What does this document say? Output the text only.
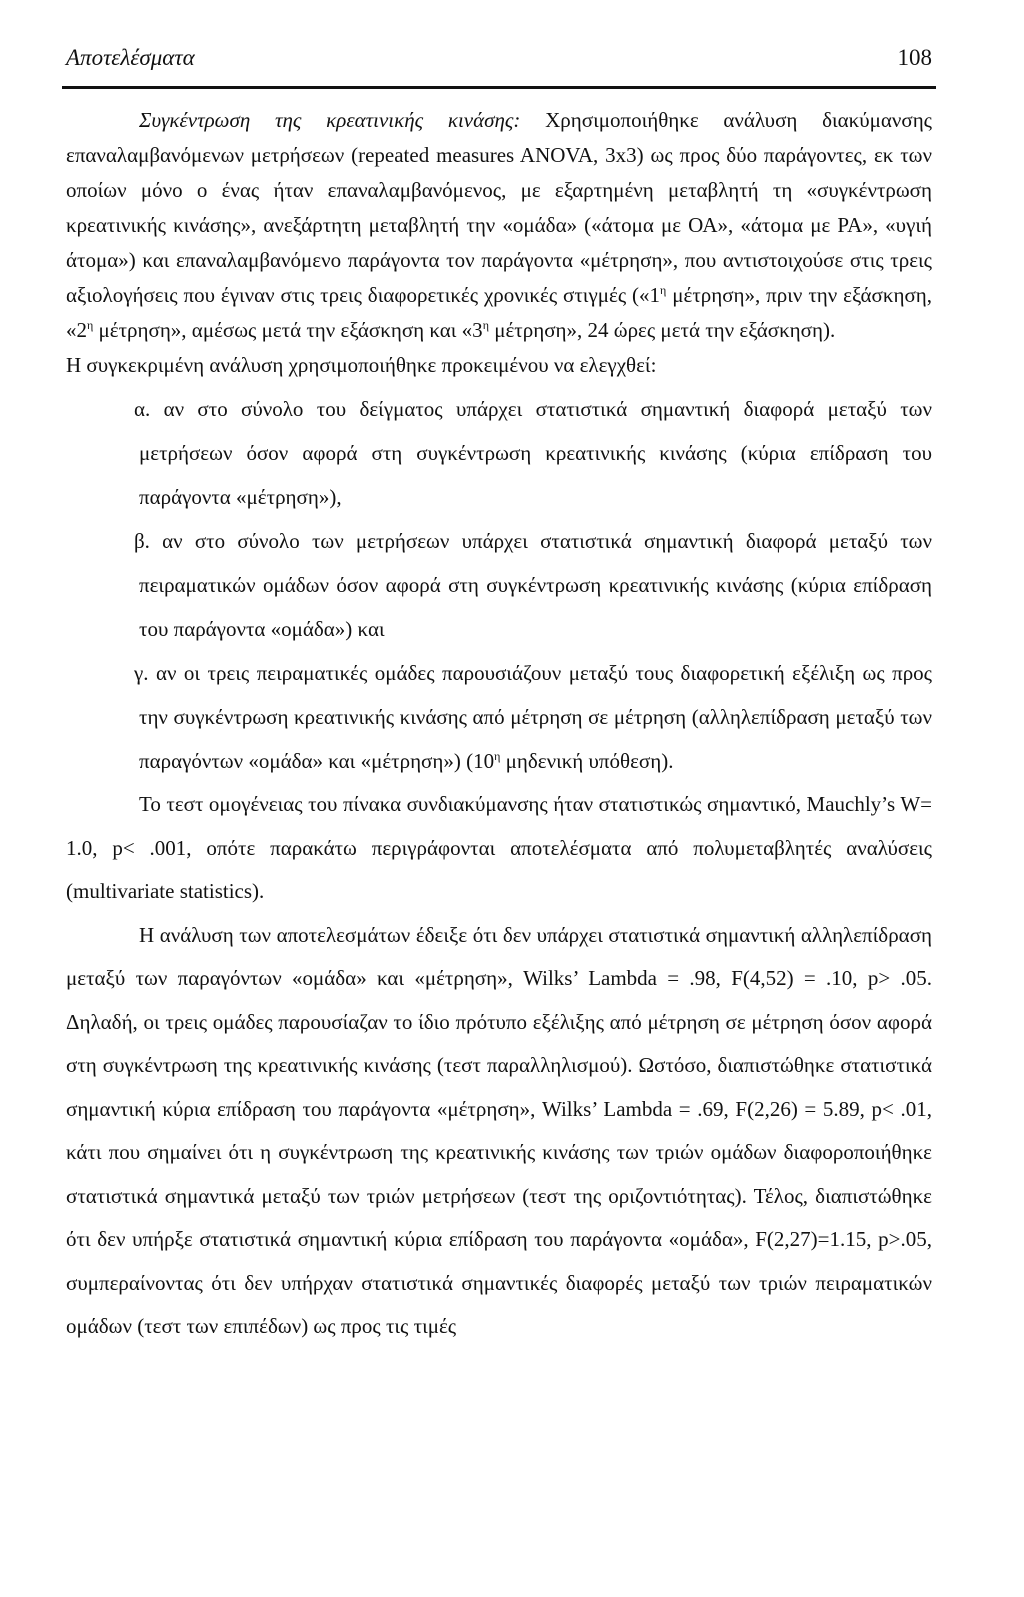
Αποτελέσματα	108

Συγκέντρωση της κρεατινικής κινάσης: Χρησιμοποιήθηκε ανάλυση διακύμανσης επαναλαμβανόμενων μετρήσεων (repeated measures ANOVA, 3x3) ως προς δύο παράγοντες, εκ των οποίων μόνο ο ένας ήταν επαναλαμβανόμενος, με εξαρτημένη μεταβλητή τη «συγκέντρωση κρεατινικής κινάσης», ανεξάρτητη μεταβλητή την «ομάδα» («άτομα με ΟΑ», «άτομα με ΡΑ», «υγιή άτομα») και επαναλαμβανόμενο παράγοντα τον παράγοντα «μέτρηση», που αντιστοιχούσε στις τρεις αξιολογήσεις που έγιναν στις τρεις διαφορετικές χρονικές στιγμές («$1^\eta$ μέτρηση», πριν την εξάσκηση, «$2^\eta$ μέτρηση», αμέσως μετά την εξάσκηση και «$3^\eta$ μέτρηση», 24 ώρες μετά την εξάσκηση).

Η συγκεκριμένη ανάλυση χρησιμοποιήθηκε προκειμένου να ελεγχθεί:

α. αν στο σύνολο του δείγματος υπάρχει στατιστικά σημαντική διαφορά μεταξύ των μετρήσεων όσον αφορά στη συγκέντρωση κρεατινικής κινάσης (κύρια επίδραση του παράγοντα «μέτρηση»),

β. αν στο σύνολο των μετρήσεων υπάρχει στατιστικά σημαντική διαφορά μεταξύ των πειραματικών ομάδων όσον αφορά στη συγκέντρωση κρεατινικής κινάσης (κύρια επίδραση του παράγοντα «ομάδα») και

γ. αν οι τρεις πειραματικές ομάδες παρουσιάζουν μεταξύ τους διαφορετική εξέλιξη ως προς την συγκέντρωση κρεατινικής κινάσης από μέτρηση σε μέτρηση (αλληλεπίδραση μεταξύ των παραγόντων «ομάδα» και «μέτρηση») ($10^\eta$ μηδενική υπόθεση).

Το τεστ ομογένειας του πίνακα συνδιακύμανσης ήταν στατιστικώς σημαντικό, Mauchly’s W= 1.0, p< .001, οπότε παρακάτω περιγράφονται αποτελέσματα από πολυμεταβλητές αναλύσεις (multivariate statistics).

Η ανάλυση των αποτελεσμάτων έδειξε ότι δεν υπάρχει στατιστικά σημαντική αλληλεπίδραση μεταξύ των παραγόντων «ομάδα» και «μέτρηση», Wilks’ Lambda = .98, F(4,52) = .10, p> .05. Δηλαδή, οι τρεις ομάδες παρουσίαζαν το ίδιο πρότυπο εξέλιξης από μέτρηση σε μέτρηση όσον αφορά στη συγκέντρωση της κρεατινικής κινάσης (τεστ παραλληλισμού). Ωστόσο, διαπιστώθηκε στατιστικά σημαντική κύρια επίδραση του παράγοντα «μέτρηση», Wilks’ Lambda = .69, F(2,26) = 5.89, p< .01, κάτι που σημαίνει ότι η συγκέντρωση της κρεατινικής κινάσης των τριών ομάδων διαφοροποιήθηκε στατιστικά σημαντικά μεταξύ των τριών μετρήσεων (τεστ της οριζοντιότητας). Τέλος, διαπιστώθηκε ότι δεν υπήρξε στατιστικά σημαντική κύρια επίδραση του παράγοντα «ομάδα», F(2,27)=1.15, p>.05, συμπεραίνοντας ότι δεν υπήρχαν στατιστικά σημαντικές διαφορές μεταξύ των τριών πειραματικών ομάδων (τεστ των επιπέδων) ως προς τις τιμές
